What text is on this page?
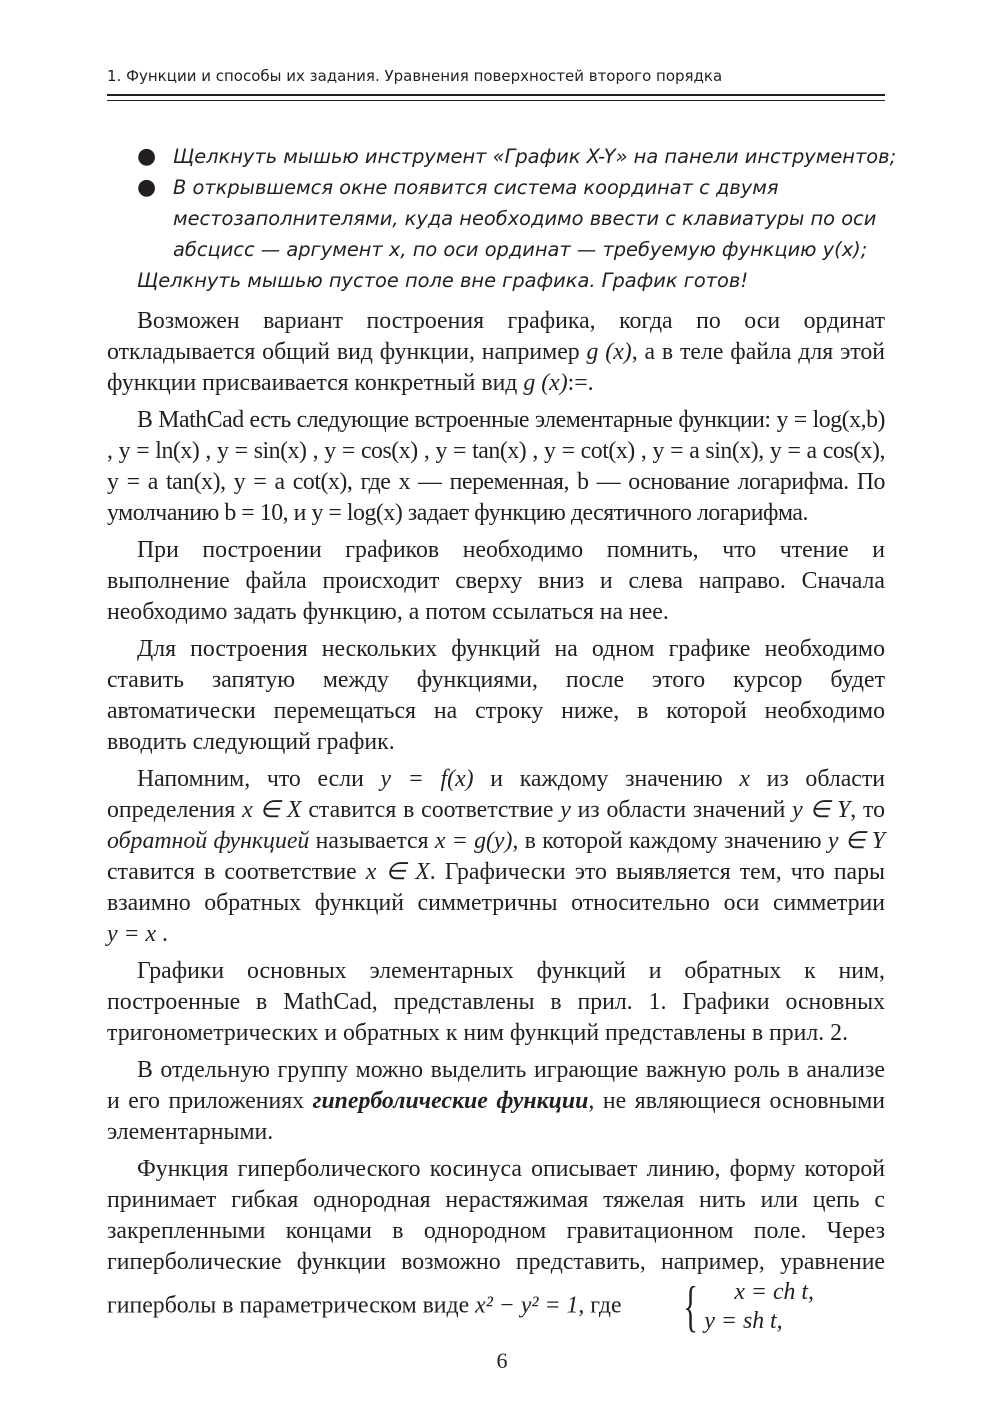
1. Функции и способы их задания. Уравнения поверхностей второго порядка
● Щелкнуть мышью инструмент «График X-Y» на панели инструментов;
● В открывшемся окне появится система координат с двумя местозаполнителями, куда необходимо ввести с клавиатуры по оси абсцисс — аргумент x, по оси ординат — требуемую функцию y(x);
Щелкнуть мышью пустое поле вне графика. График готов!

Возможен вариант построения графика, когда по оси ординат откладывается общий вид функции, например g (x), а в теле файла для этой функции присваивается конкретный вид g (x):=.

В MathCad есть следующие встроенные элементарные функции: y = log(x,b) , y = ln(x) , y = sin(x) , y = cos(x) , y = tan(x) , y = cot(x) , y = a sin(x), y = a cos(x), y = a tan(x), y = a cot(x), где x — переменная, b — основание логарифма. По умолчанию b = 10, и y = log(x) задает функцию десятичного логарифма.

При построении графиков необходимо помнить, что чтение и выполнение файла происходит сверху вниз и слева направо. Сначала необходимо задать функцию, а потом ссылаться на нее.

Для построения нескольких функций на одном графике необходимо ставить запятую между функциями, после этого курсор будет автоматически перемещаться на строку ниже, в которой необходимо вводить следующий график.

Напомним, что если y = f(x) и каждому значению x из области определения x ∈ X ставится в соответствие y из области значений y ∈ Y, то обратной функцией называется x = g(y), в которой каждому значению y ∈ Y ставится в соответствие x ∈ X. Графически это выявляется тем, что пары взаимно обратных функций симметричны относительно оси симметрии y = x .

Графики основных элементарных функций и обратных к ним, построенные в MathCad, представлены в прил. 1. Графики основных тригонометрических и обратных к ним функций представлены в прил. 2.

В отдельную группу можно выделить играющие важную роль в анализе и его приложениях гиперболические функции, не являющиеся основными элементарными.

Функция гиперболического косинуса описывает линию, форму которой принимает гибкая однородная нерастяжимая тяжелая нить или цепь с закрепленными концами в однородном гравитационном поле. Через гиперболические функции возможно представить, например, уравнение гиперболы в параметрическом виде x² − y² = 1, где { x = ch t,
y = sh t,

6
